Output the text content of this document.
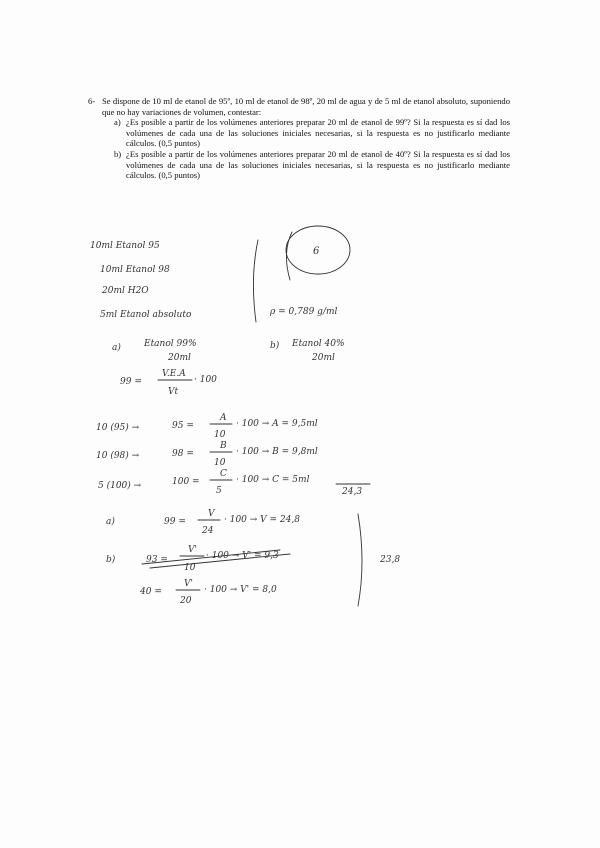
6- Se dispone de 10 ml de etanol de 95º, 10 ml de etanol de 98º, 20 ml de agua y de 5 ml de etanol absoluto, suponiendo que no hay variaciones de volumen, contestar:
a) ¿Es posible a partir de los volúmenes anteriores preparar 20 ml de etanol de 99º? Si la respuesta es sí dad los volúmenes de cada una de las soluciones iniciales necesarias, si la respuesta es no justificarlo mediante cálculos. (0,5 puntos)
b) ¿Es posible a partir de los volúmenes anteriores preparar 20 ml de etanol de 40º? Si la respuesta es sí dad los volúmenes de cada una de las soluciones iniciales necesarias, si la respuesta es no justificarlo mediante cálculos. (0,5 puntos)
10ml Etanol 95
10ml Etanol 98
20ml H2O
5ml Etanol absoluto	ρ = 0,789 g/ml
6
a)	Etanol 99%
20ml
b) Etanol 40%
20ml
99 =
V.E.A
Vt
· 100
10 (95) →	95 =
A
10
· 100 → A = 9,5ml
10 (98) →	98 =
B
10
· 100 → B = 9,8ml
5 (100) →	100 =
C
5
· 100 → C = 5ml
24,3
a)	99 =
V
24
· 100 → V = 24,8
b)	93 =
V'
10
· 100 → V' = 9,3
40 =
V'
20
· 100 → V' = 8,0
23,8
